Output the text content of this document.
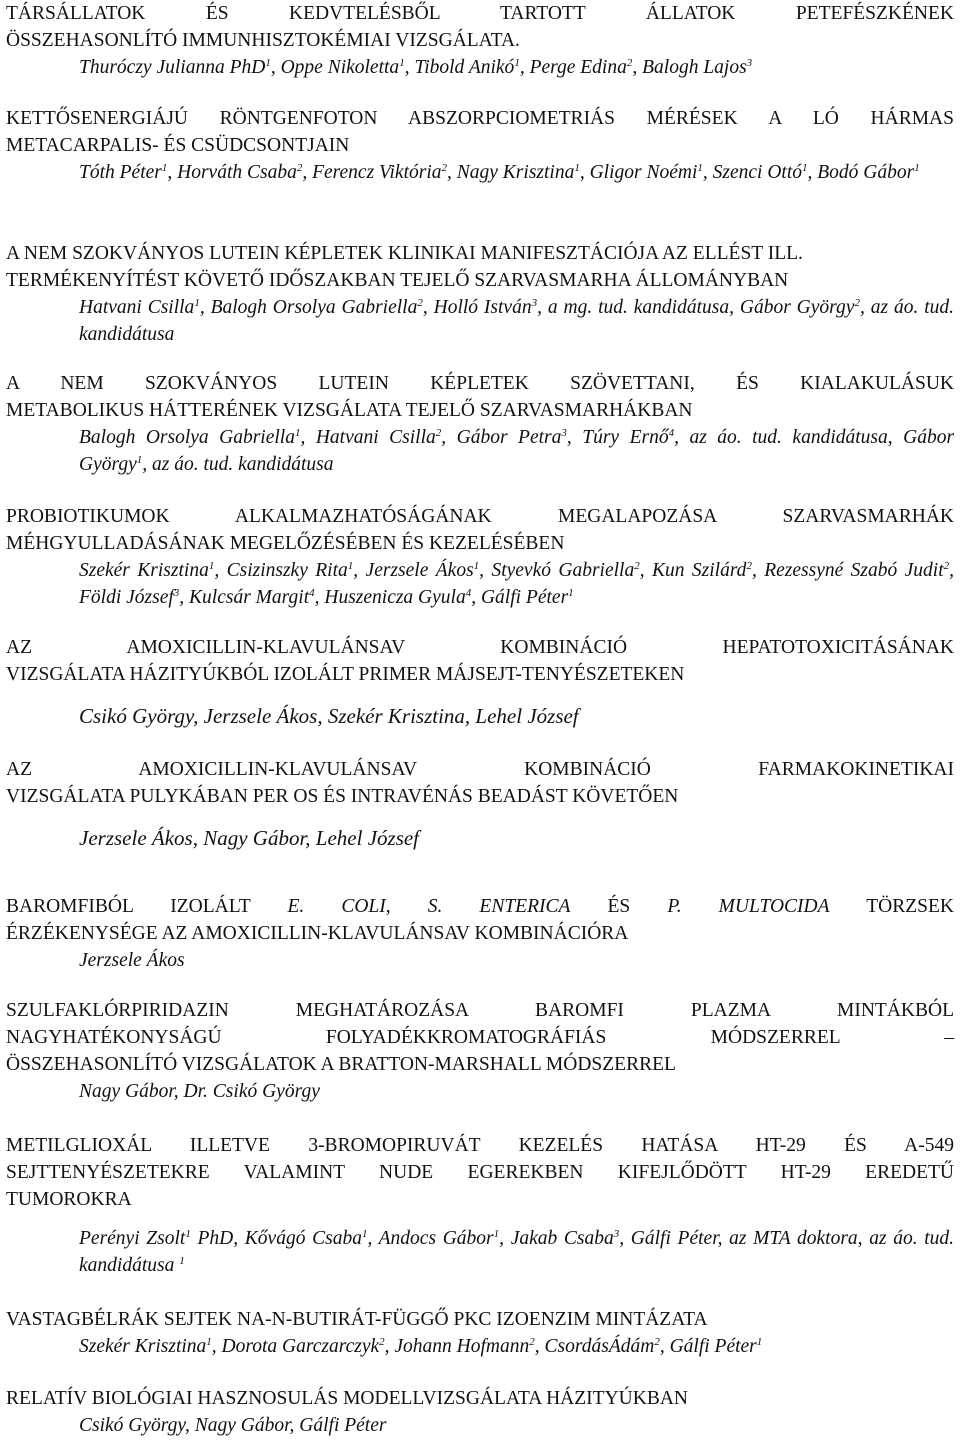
TÁRSÁLLATOK ÉS KEDVTELÉSBŐL TARTOTT ÁLLATOK PETEFÉSZKÉNEK
ÖSSZEHASONLÍTÓ IMMUNHISZTOKÉMIAI VIZSGÁLATA.

Thuróczy Julianna PhD$^1$, Oppe Nikoletta$^1$, Tibold Anikó$^1$, Perge Edina$^2$, Balogh Lajos$^3$

KETTŐSENERGIÁJÚ RÖNTGENFOTON ABSZORPCIOMETRIÁS MÉRÉSEK A LÓ HÁRMAS
METACARPALIS- ÉS CSÜDCSONTJAIN

Tóth Péter$^1$, Horváth Csaba$^2$, Ferencz Viktória$^2$, Nagy Krisztina$^1$, Gligor Noémi$^1$, Szenci Ottó$^1$, Bodó Gábor$^1$

A NEM SZOKVÁNYOS LUTEIN KÉPLETEK KLINIKAI MANIFESZTÁCIÓJA AZ ELLÉST ILL.
TERMÉKENYÍTÉST KÖVETŐ IDŐSZAKBAN TEJELŐ SZARVASMARHA ÁLLOMÁNYBAN

Hatvani Csilla$^1$, Balogh Orsolya Gabriella$^2$, Holló István$^3$, a mg. tud. kandidátusa, Gábor György$^2$, az áo. tud. kandidátusa

A NEM SZOKVÁNYOS LUTEIN KÉPLETEK SZÖVETTANI, ÉS KIALAKULÁSUK
METABOLIKUS HÁTTERÉNEK VIZSGÁLATA TEJELŐ SZARVASMARHÁKBAN

Balogh Orsolya Gabriella$^1$, Hatvani Csilla$^2$, Gábor Petra$^3$, Túry Ernő$^4$, az áo. tud. kandidátusa, Gábor György$^1$, az áo. tud. kandidátusa

PROBIOTIKUMOK ALKALMAZHATÓSÁGÁNAK MEGALAPOZÁSA SZARVASMARHÁK
MÉHGYULLADÁSÁNAK MEGELŐZÉSÉBEN ÉS KEZELÉSÉBEN

Szekér Krisztina$^1$, Csizinszky Rita$^1$, Jerzsele Ákos$^1$, Styevkó Gabriella$^2$, Kun Szilárd$^2$, Rezessyné Szabó Judit$^2$, Földi József$^3$, Kulcsár Margit$^4$, Huszenicza Gyula$^4$, Gálfi Péter$^1$

AZ AMOXICILLIN-KLAVULÁNSAV KOMBINÁCIÓ HEPATOTOXICITÁSÁNAK
VIZSGÁLATA HÁZITYÚKBÓL IZOLÁLT PRIMER MÁJSEJT-TENYÉSZETEKEN

Csikó György, Jerzsele Ákos, Szekér Krisztina, Lehel József

AZ AMOXICILLIN-KLAVULÁNSAV KOMBINÁCIÓ FARMAKOKINETIKAI
VIZSGÁLATA PULYKÁBAN PER OS ÉS INTRAVÉNÁS BEADÁST KÖVETŐEN

Jerzsele Ákos, Nagy Gábor, Lehel József

BAROMFIBÓL IZOLÁLT E. COLI, S. ENTERICA ÉS P. MULTOCIDA TÖRZSEK
ÉRZÉKENYSÉGE AZ AMOXICILLIN-KLAVULÁNSAV KOMBINÁCIÓRA

Jerzsele Ákos

SZULFAKLÓRPIRIDAZIN MEGHATÁROZÁSA BAROMFI PLAZMA MINTÁKBÓL
NAGYHATÉKONYSÁGÚ FOLYADÉKKROMATOGRÁFIÁS MÓDSZERREL –
ÖSSZEHASONLÍTÓ VIZSGÁLATOK A BRATTON-MARSHALL MÓDSZERREL

Nagy Gábor, Dr. Csikó György

METILGLIOXÁL ILLETVE 3-BROMOPIRUVÁT KEZELÉS HATÁSA HT-29 ÉS A-549
SEJTTENYÉSZETEKRE VALAMINT NUDE EGEREKBEN KIFEJLŐDÖTT HT-29 EREDETŰ
TUMOROKRA

Perényi Zsolt$^1$ PhD, Kővágó Csaba$^1$, Andocs Gábor$^1$, Jakab Csaba$^3$, Gálfi Péter, az MTA doktora, az áo. tud. kandidátusa $^1$

VASTAGBÉLRÁK SEJTEK NA-N-BUTIRÁT-FÜGGŐ PKC IZOENZIM MINTÁZATA

Szekér Krisztina$^1$, Dorota Garczarczyk$^2$, Johann Hofmann$^2$, CsordásÁdám$^2$, Gálfi Péter$^1$

RELATÍV BIOLÓGIAI HASZNOSULÁS MODELLVIZSGÁLATA HÁZITYÚKBAN

Csikó György, Nagy Gábor, Gálfi Péter
